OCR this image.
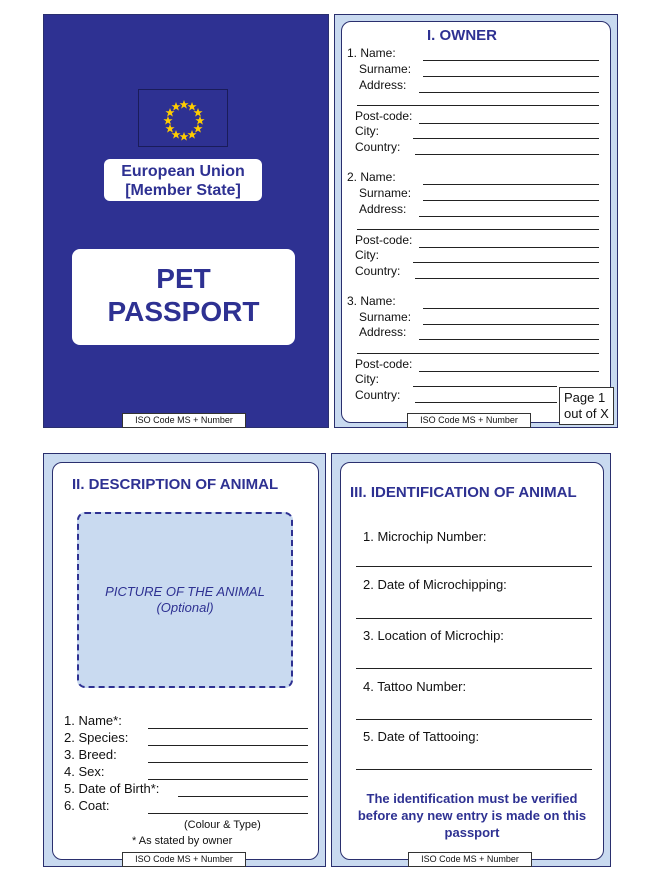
European Union
[Member State]
PET
PASSPORT
ISO Code MS + Number
I. OWNER
1. Name:
Surname:
Address:
Post-code:
City:
Country:
2. Name:
Surname:
Address:
Post-code:
City:
Country:
3. Name:
Surname:
Address:
Post-code:
City:
Country:	Page 1
out of X
ISO Code MS + Number
II. DESCRIPTION OF ANIMAL
PICTURE OF THE ANIMAL
(Optional)
1. Name*:
2. Species:
3. Breed:
4. Sex:
5. Date of Birth*:
6. Coat:
(Colour & Type)
* As stated by owner
ISO Code MS + Number
III. IDENTIFICATION OF ANIMAL
1. Microchip Number:
2. Date of Microchipping:
3. Location of Microchip:
4. Tattoo Number:
5. Date of Tattooing:
The identification must be verified
before any new entry is made on this
passport
ISO Code MS + Number
